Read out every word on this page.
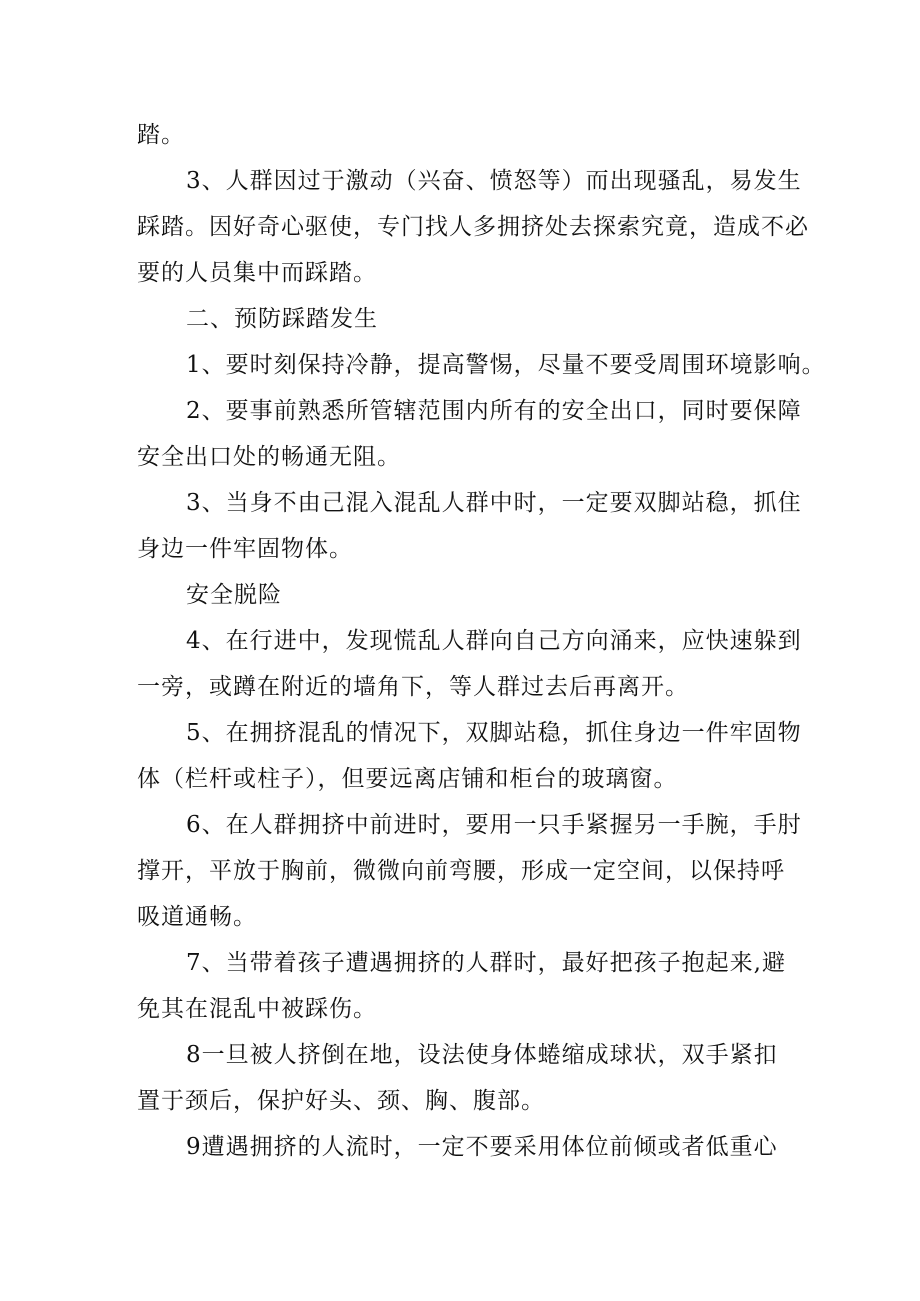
踏。
3、人群因过于激动（兴奋、愤怒等）而出现骚乱，易发生
踩踏。因好奇心驱使，专门找人多拥挤处去探索究竟，造成不必
要的人员集中而踩踏。
二、预防踩踏发生
1、要时刻保持冷静，提高警惕，尽量不要受周围环境影响。
2、要事前熟悉所管辖范围内所有的安全出口，同时要保障
安全出口处的畅通无阻。
3、当身不由己混入混乱人群中时，一定要双脚站稳，抓住
身边一件牢固物体。
安全脱险
4、在行进中，发现慌乱人群向自己方向涌来，应快速躲到
一旁，或蹲在附近的墙角下，等人群过去后再离开。
5、在拥挤混乱的情况下，双脚站稳，抓住身边一件牢固物
体（栏杆或柱子），但要远离店铺和柜台的玻璃窗。
6、在人群拥挤中前进时，要用一只手紧握另一手腕，手肘
撑开，平放于胸前，微微向前弯腰，形成一定空间，以保持呼
吸道通畅。
7、当带着孩子遭遇拥挤的人群时，最好把孩子抱起来,避
免其在混乱中被踩伤。
8一旦被人挤倒在地，设法使身体蜷缩成球状，双手紧扣
置于颈后，保护好头、颈、胸、腹部。
9遭遇拥挤的人流时，一定不要采用体位前倾或者低重心
